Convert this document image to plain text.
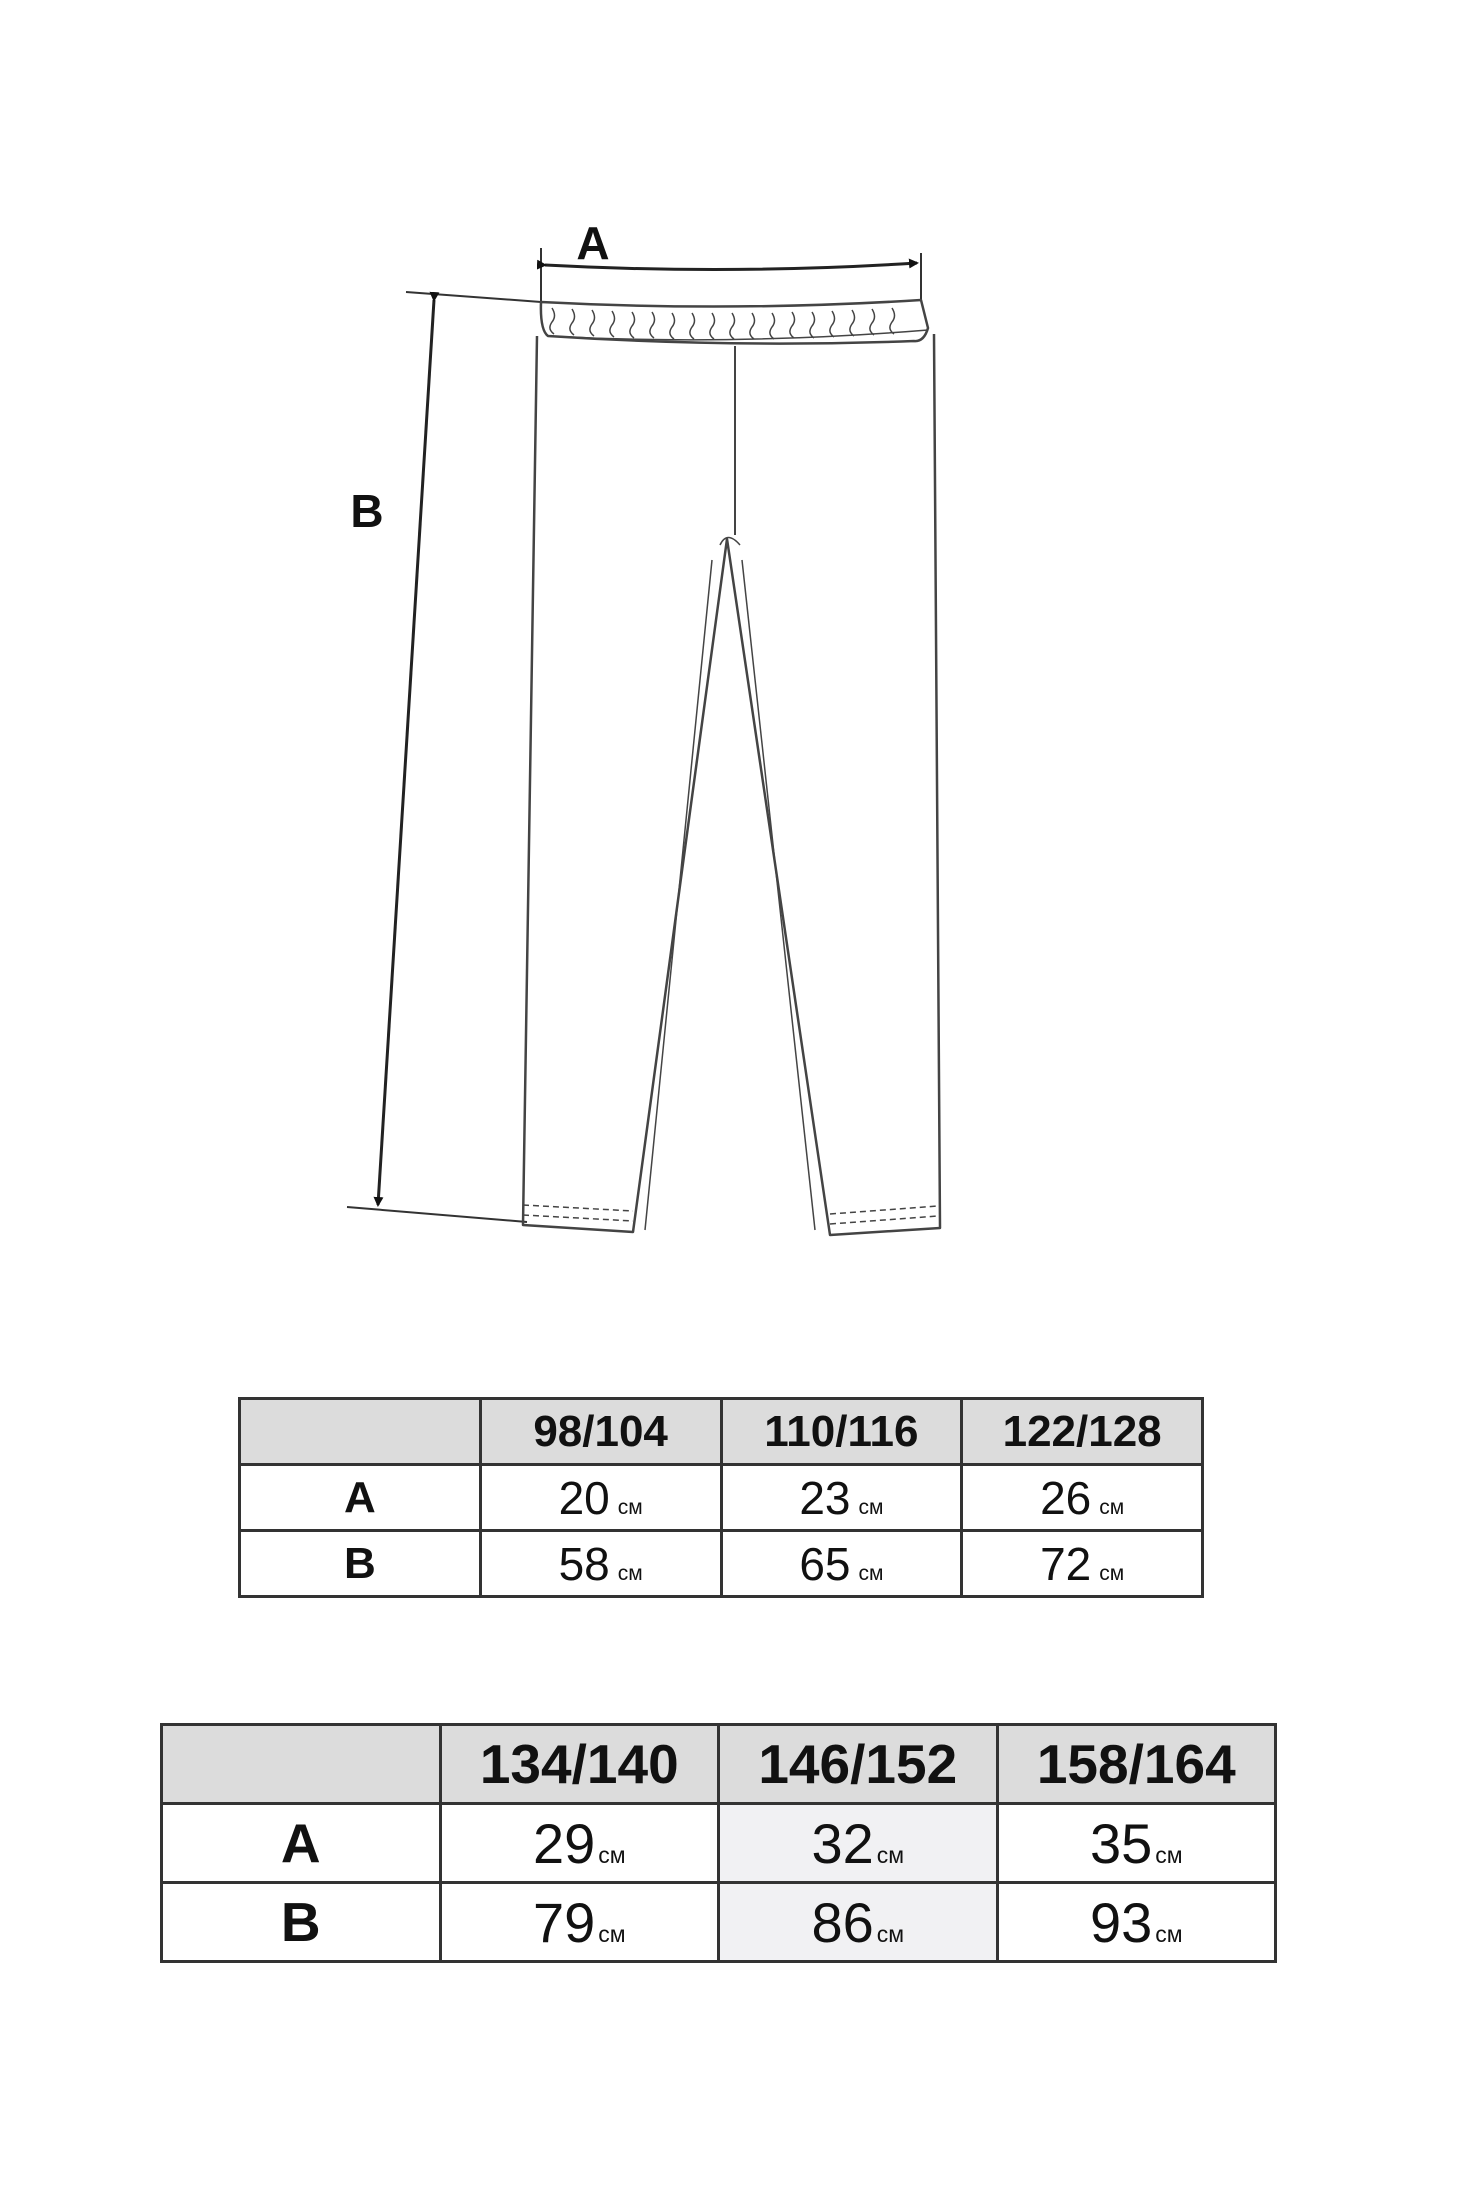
A
B
	98/104	110/116	122/128
A	20 см	23 см	26 см
B	58 см	65 см	72 см
	134/140	146/152	158/164
A	29 см	32 см	35 см
B	79 см	86 см	93 см
